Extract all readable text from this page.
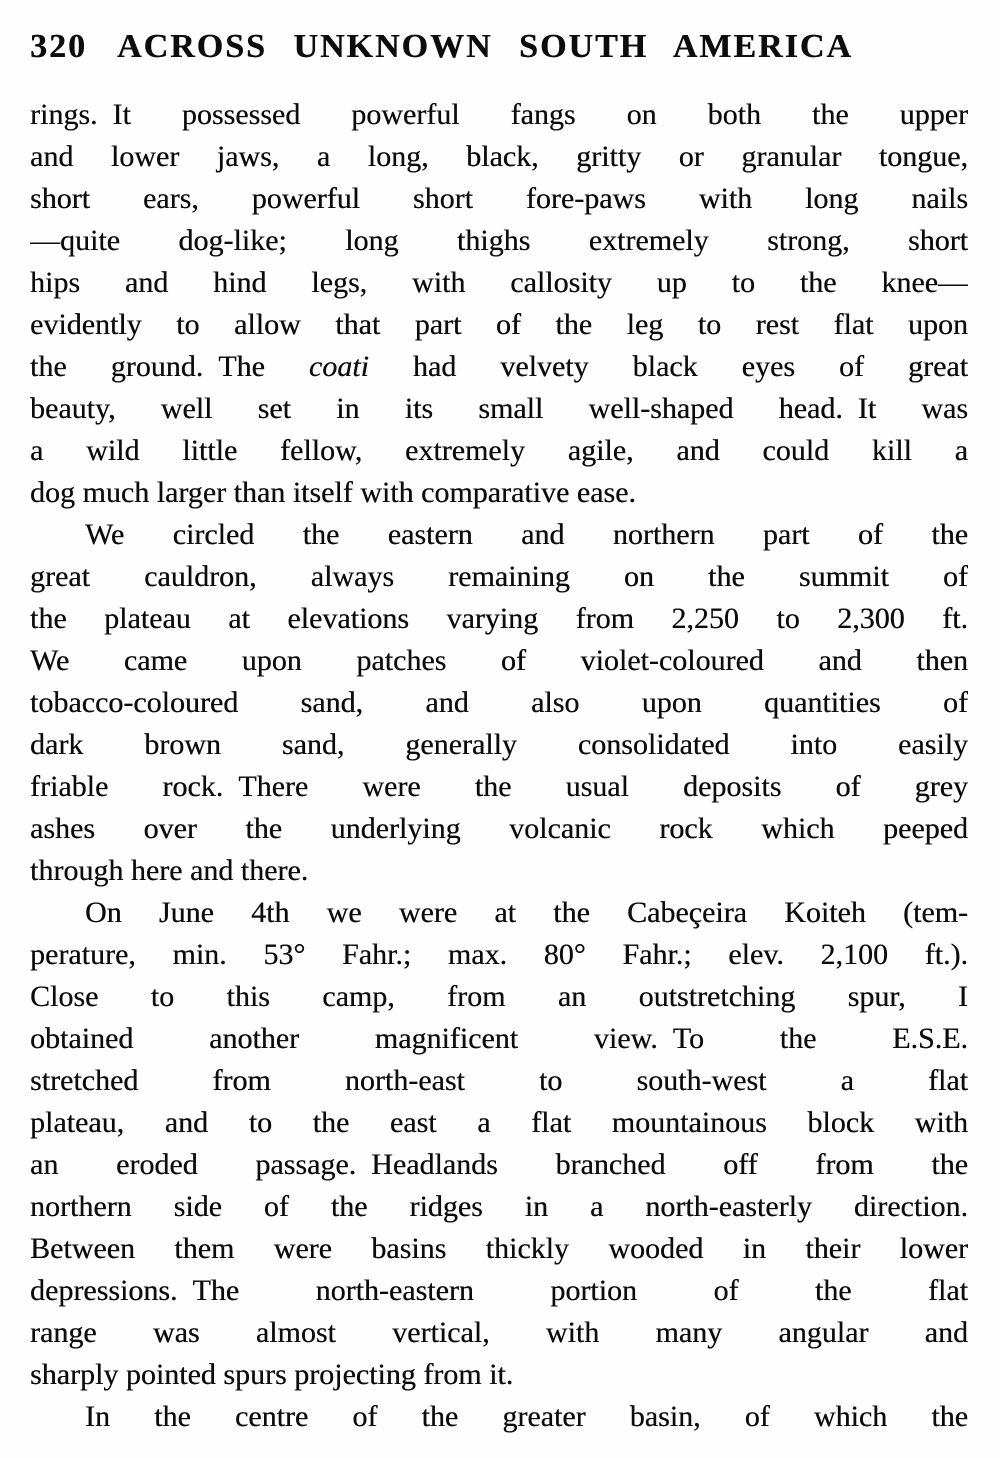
320 ACROSS UNKNOWN SOUTH AMERICA
rings. It possessed powerful fangs on both the upper
and lower jaws, a long, black, gritty or granular tongue,
short ears, powerful short fore-paws with long nails
—quite dog-like; long thighs extremely strong, short
hips and hind legs, with callosity up to the knee—
evidently to allow that part of the leg to rest flat upon
the ground. The coati had velvety black eyes of great
beauty, well set in its small well-shaped head. It was
a wild little fellow, extremely agile, and could kill a
dog much larger than itself with comparative ease.
We circled the eastern and northern part of the
great cauldron, always remaining on the summit of
the plateau at elevations varying from 2,250 to 2,300 ft.
We came upon patches of violet-coloured and then
tobacco-coloured sand, and also upon quantities of
dark brown sand, generally consolidated into easily
friable rock. There were the usual deposits of grey
ashes over the underlying volcanic rock which peeped
through here and there.
On June 4th we were at the Cabeçeira Koiteh (tem-
perature, min. 53° Fahr.; max. 80° Fahr.; elev. 2,100 ft.).
Close to this camp, from an outstretching spur, I
obtained another magnificent view. To the E.S.E.
stretched from north-east to south-west a flat
plateau, and to the east a flat mountainous block with
an eroded passage. Headlands branched off from the
northern side of the ridges in a north-easterly direction.
Between them were basins thickly wooded in their lower
depressions. The north-eastern portion of the flat
range was almost vertical, with many angular and
sharply pointed spurs projecting from it.
In the centre of the greater basin, of which the
